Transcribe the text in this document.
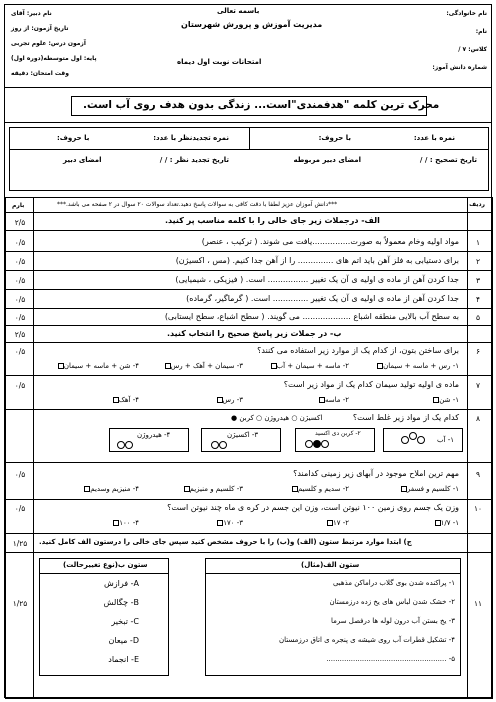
باسمه تعالی
مدیریت آموزش و پرورش شهرستان
امتحانات نوبت اول دیماه
نام دبیر: آقای
تاریخ آزمون: از روز
آزمون درس: علوم تجربی
پایه: اول متوسطه(دوره اول)
وقت امتحان: دقیقه
نام خانوادگی:
نام:
کلاس: ۷ /
شماره دانش آموز:
محرک ترین کلمه "هدفمندی"است... زندگی بدون هدف روی آب است.
نمره با عدد:
با حروف:
نمره تجدیدنظر با عدد:
با حروف:
تاریخ تصحیح : / /
امضای دبیر مربوطه
تاریخ تجدید نظر : / /
امضای دبیر
***دانش آموزان عزیز لطفا با دقت کافی به سوالات پاسخ دهید.تعداد سوالات ۲۰ سوال در ۲ صفحه می باشد.***	ردیف
بارم
الف- درجملات زیر جای خالی را با کلمه مناسب پر کنید.
۲/۵
۱
مواد اولیه وخام معمولاً به صورت...............یافت می شوند. ( ترکیب ، عنصر)
۰/۵
۲
برای دستیابی به فلز آهن باید اتم های .............. را از آهن جدا کنیم. (مس ، اکسیژن)
۰/۵
۳
جدا کردن آهن از ماده ی اولیه ی آن یک تغییر ................ است. ( فیزیکی ، شیمیایی)
۰/۵
۴
جدا کردن آهن از ماده ی اولیه ی آن یک تغییر .............. است. ( گرماگیر، گرماده)
۰/۵
۵
به سطح آب بالایی منطقه اشباع ................... می گویند. ( سطح اشباع، سطح ایستابی)
۰/۵
ب- در جملات زیر پاسخ صحیح را انتخاب کنید.
۲/۵
۶
برای ساختن بتون، از کدام یک از موارد زیر استفاده می کنند؟
۰/۵
۱- رس + ماسه + سیمان
۲- ماسه + سیمان + آب
۳- سیمان + آهک + رس
۴- شن + ماسه + سیمان
۷
ماده ی اولیه تولید سیمان کدام یک از مواد زیر است؟
۰/۵
۱- شن
۲- ماسه
۳- رس
۴- آهک
۸
کدام یک از مواد زیر غلط است؟
اکسیژن ○ هیدروژن ○ کربن ●
۱- آب
۲- کربن دی اکسید
۳- اکسیژن
۴- هیدروژن
۹
مهم ترین املاح موجود در آبهای زیر زمینی کدامند؟
۰/۵
۱- کلسیم و فسفر
۲- سدیم و کلسیم
۳- کلسیم و منیزیم
۴- منیزیم وسدیم
۱۰
وزن یک جسم روی زمین ۱۰۰ نیوتن است، وزن این جسم در کره ی ماه چند نیوتن است؟
۰/۵
۱- ۱/۷
۲- ۱۷
۳- ۱۷۰
۴- ۱۰۰
ج) ابتدا موارد مرتبط ستون (الف) و(ب) را با حروف مشخص کنید سپس جای خالی را درستون الف کامل کنید.
۱/۲۵
۱۱
۱/۲۵
ستون الف(مثال)
۱- پراکنده شدن بوی گلاب دراماکن مذهبی
۲- خشک شدن لباس های یخ زده درزمستان
۳- یخ بستن آب درون لوله ها درفصل سرما
۴- تشکیل قطرات آب روی شیشه ی پنجره ی اتاق درزمستان
۵- ......................................................
ستون ب(نوع تغییرحالت)
A- فرازش
B- چگالش
C- تبخیر
D- میعان
E- انجماد
